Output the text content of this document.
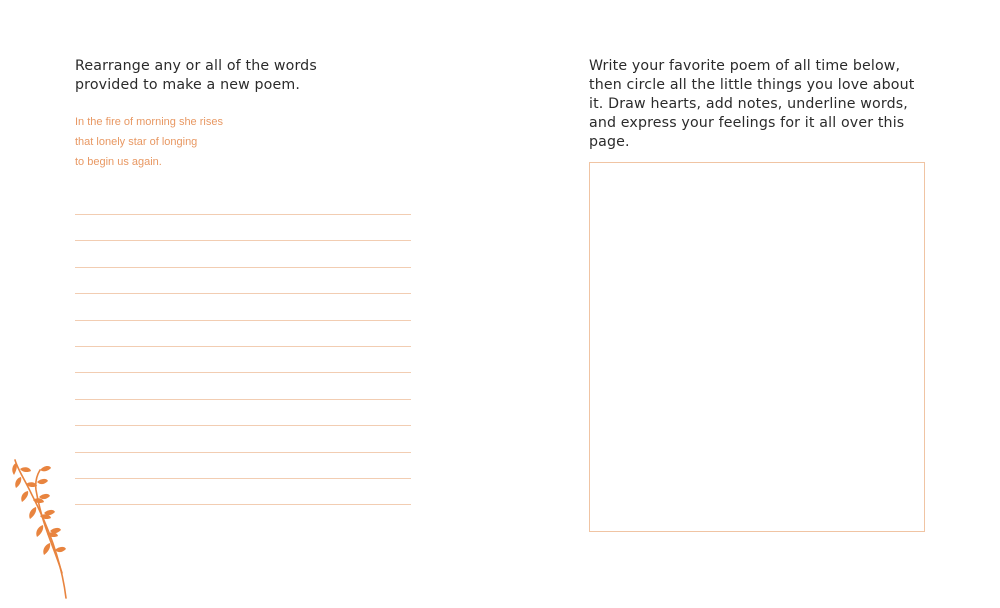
Rearrange any or all of the words provided to make a new poem.

In the fire of morning she rises
that lonely star of longing
to begin us again.

Write your favorite poem of all time below, then circle all the little things you love about it. Draw hearts, add notes, underline words, and express your feelings for it all over this page.
